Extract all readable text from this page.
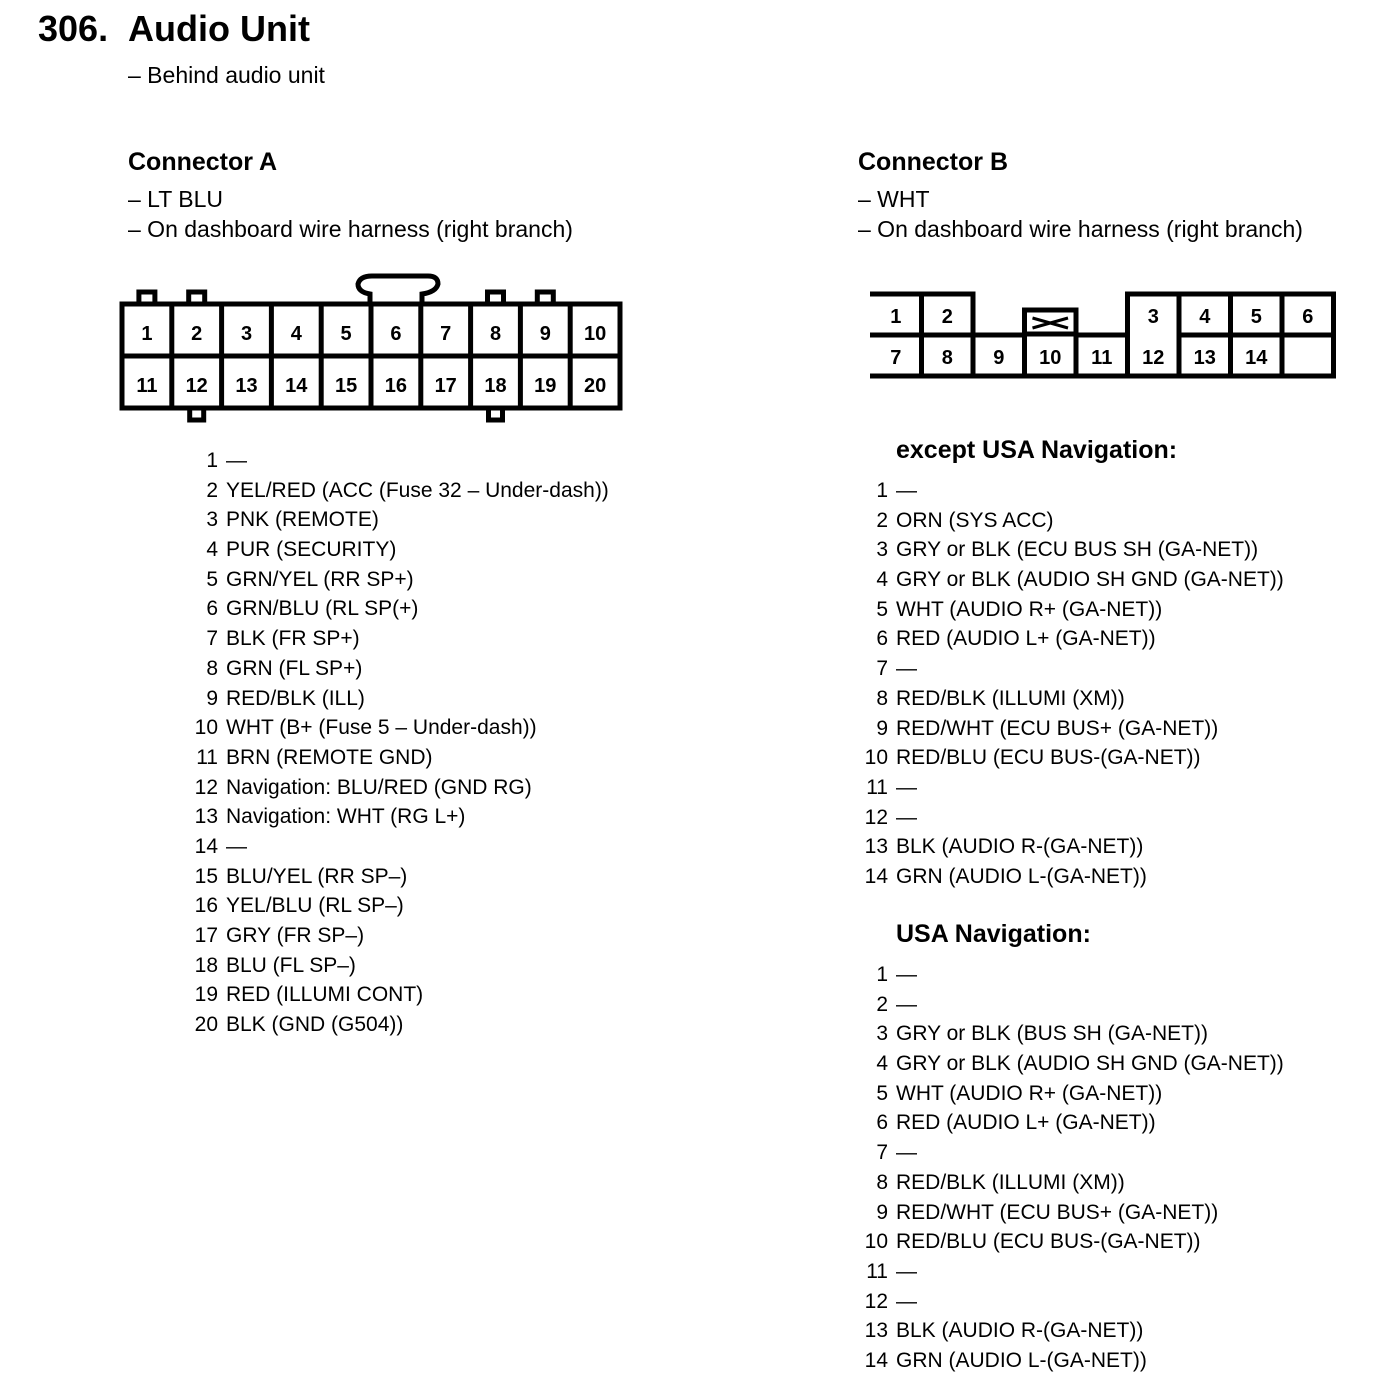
306. Audio Unit
– Behind audio unit
Connector A
– LT BLU
– On dashboard wire harness (right branch)
1 2 3 4 5 6 7 8 9 10
11 12 13 14 15 16 17 18 19 20
Connector B
– WHT
– On dashboard wire harness (right branch)
1 2	3 4 5 6
7 8 9 10 11 12 13 14
1 —
2 YEL/RED (ACC (Fuse 32 – Under-dash))
3 PNK (REMOTE)
4 PUR (SECURITY)
5 GRN/YEL (RR SP+)
6 GRN/BLU (RL SP(+)
7 BLK (FR SP+)
8 GRN (FL SP+)
9 RED/BLK (ILL)
10 WHT (B+ (Fuse 5 – Under-dash))
11 BRN (REMOTE GND)
12 Navigation: BLU/RED (GND RG)
13 Navigation: WHT (RG L+)
14 —
15 BLU/YEL (RR SP–)
16 YEL/BLU (RL SP–)
17 GRY (FR SP–)
18 BLU (FL SP–)
19 RED (ILLUMI CONT)
20 BLK (GND (G504))
except USA Navigation:
1 —
2 ORN (SYS ACC)
3 GRY or BLK (ECU BUS SH (GA-NET))
4 GRY or BLK (AUDIO SH GND (GA-NET))
5 WHT (AUDIO R+ (GA-NET))
6 RED (AUDIO L+ (GA-NET))
7 —
8 RED/BLK (ILLUMI (XM))
9 RED/WHT (ECU BUS+ (GA-NET))
10 RED/BLU (ECU BUS-(GA-NET))
11 —
12 —
13 BLK (AUDIO R-(GA-NET))
14 GRN (AUDIO L-(GA-NET))
USA Navigation:
1 —
2 —
3 GRY or BLK (BUS SH (GA-NET))
4 GRY or BLK (AUDIO SH GND (GA-NET))
5 WHT (AUDIO R+ (GA-NET))
6 RED (AUDIO L+ (GA-NET))
7 —
8 RED/BLK (ILLUMI (XM))
9 RED/WHT (ECU BUS+ (GA-NET))
10 RED/BLU (ECU BUS-(GA-NET))
11 —
12 —
13 BLK (AUDIO R-(GA-NET))
14 GRN (AUDIO L-(GA-NET))
